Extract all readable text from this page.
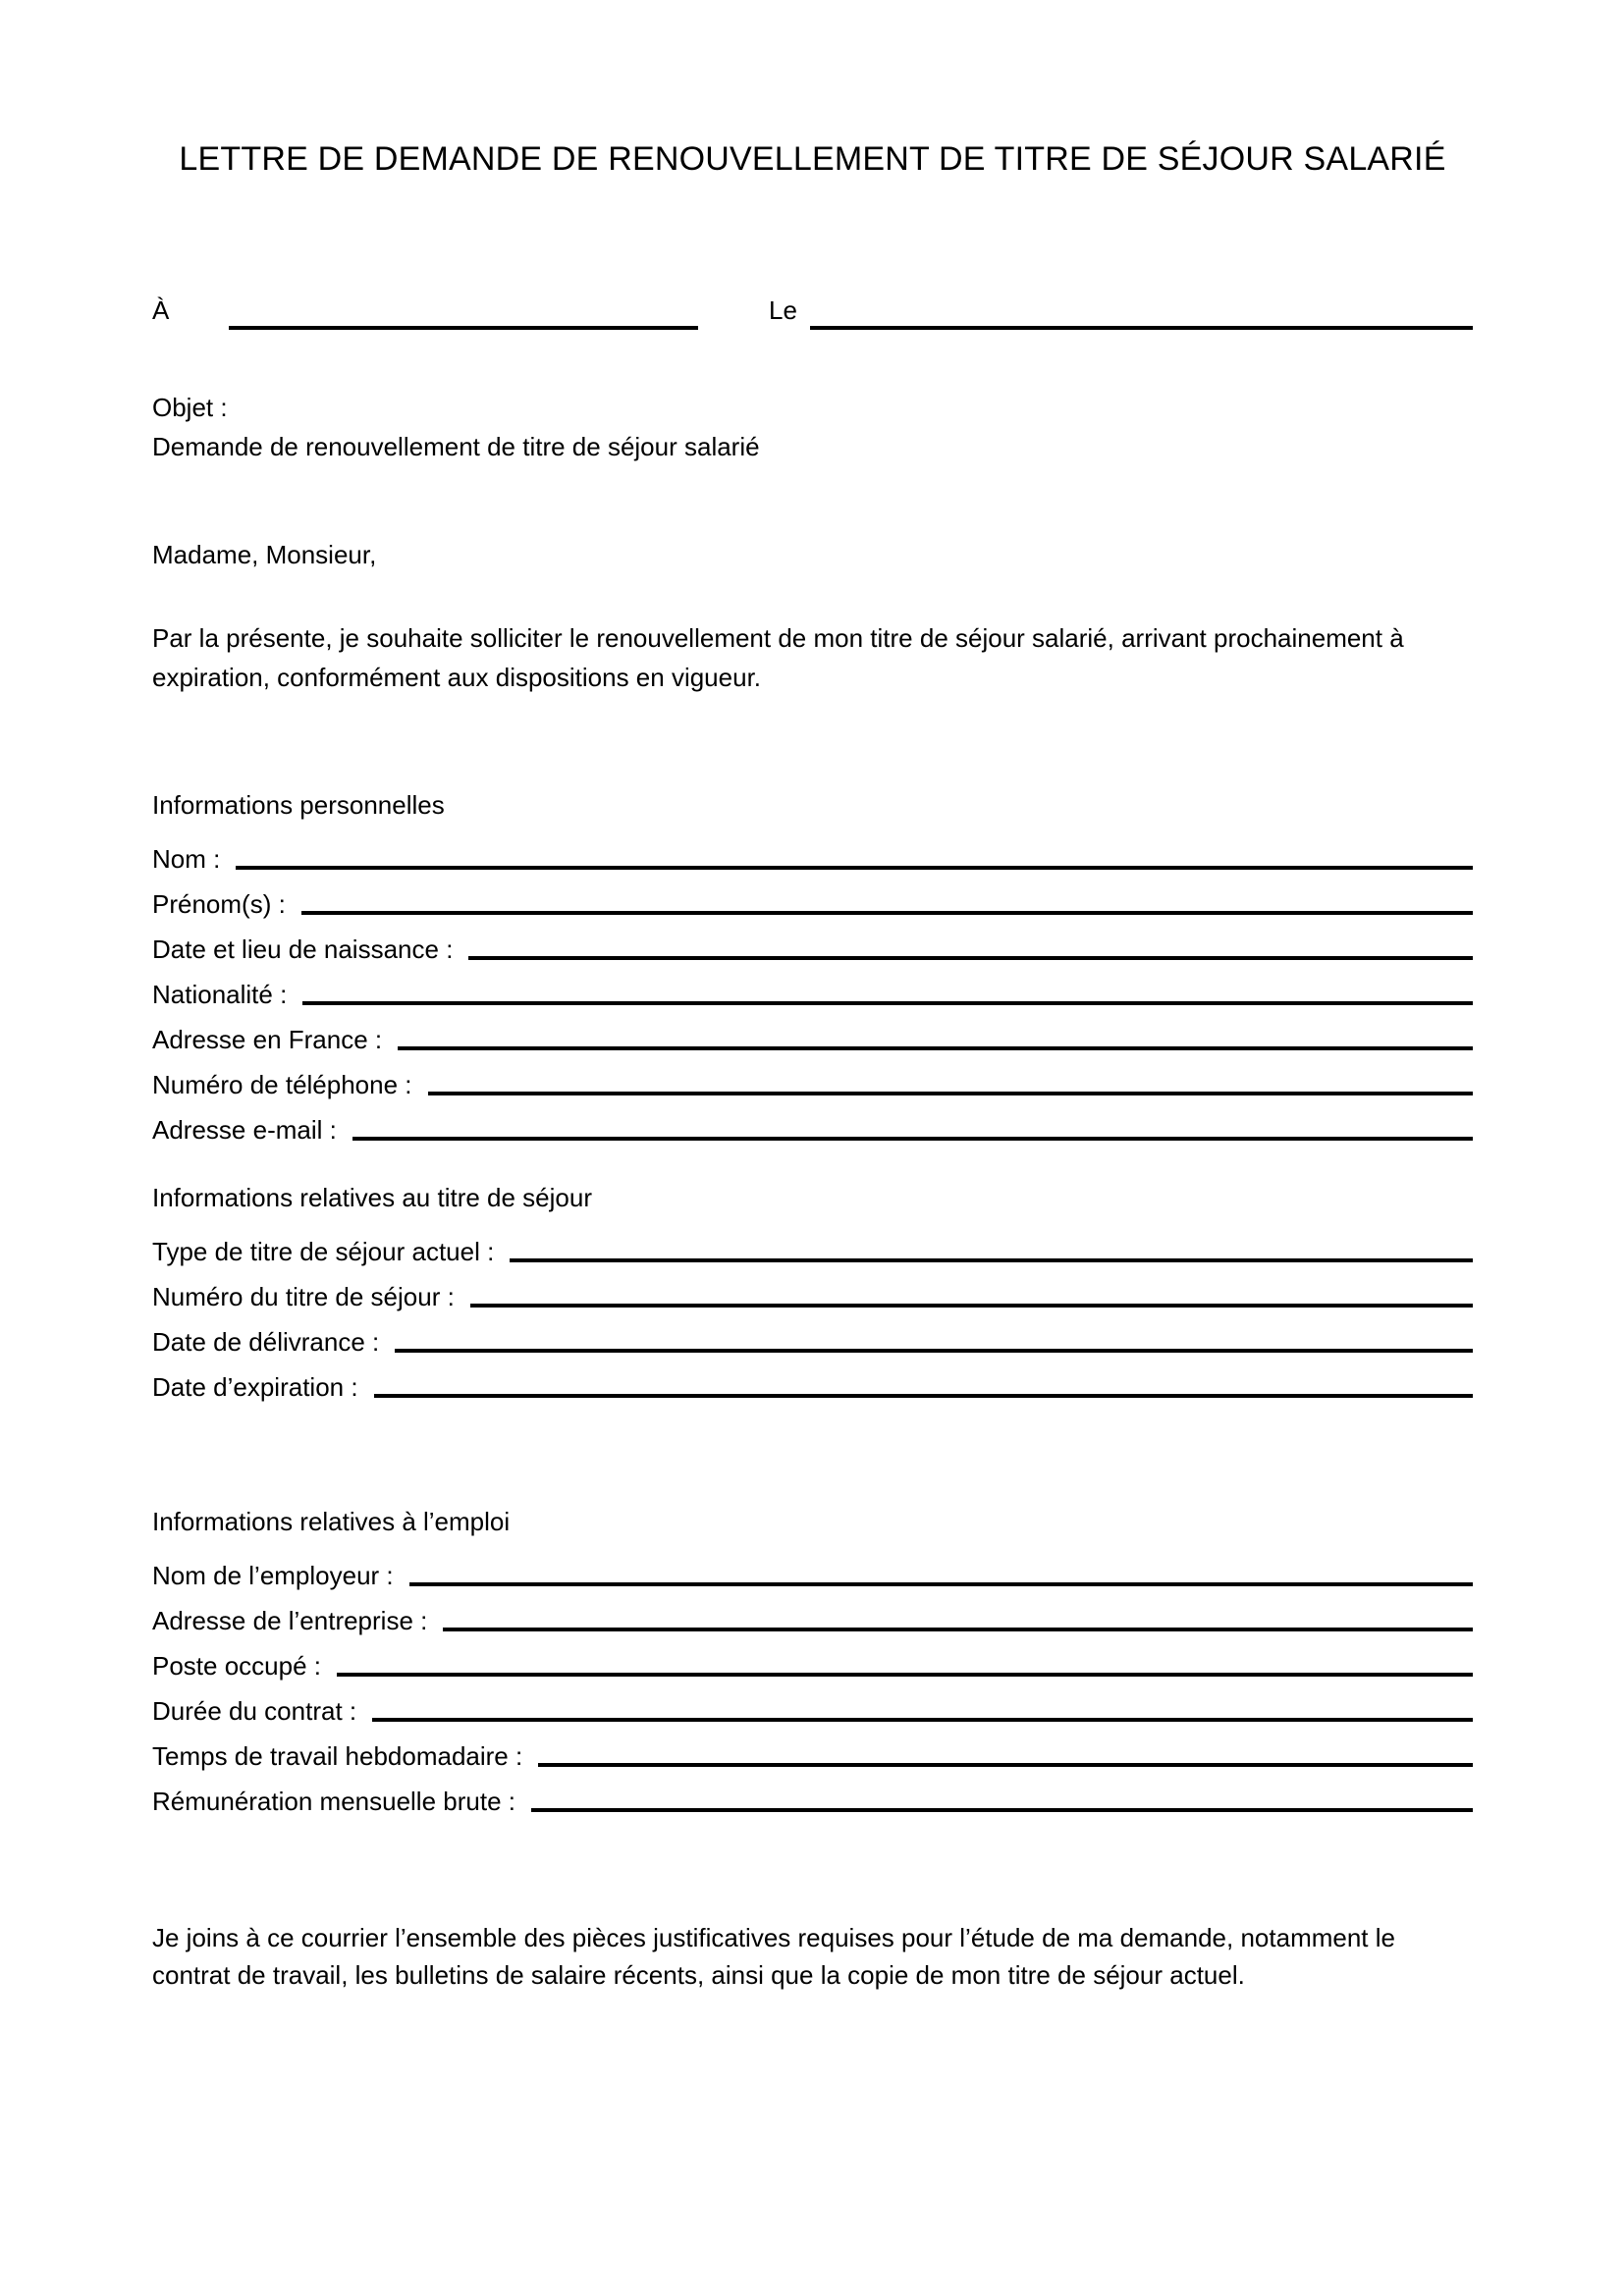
LETTRE DE DEMANDE DE RENOUVELLEMENT DE TITRE DE SÉJOUR SALARIÉ
À	Le
Objet :
Demande de renouvellement de titre de séjour salarié
Madame, Monsieur,
Par la présente, je souhaite solliciter le renouvellement de mon titre de séjour salarié, arrivant prochainement à expiration, conformément aux dispositions en vigueur.
Informations personnelles
Nom :
Prénom(s) :
Date et lieu de naissance :
Nationalité :
Adresse en France :
Numéro de téléphone :
Adresse e-mail :
Informations relatives au titre de séjour
Type de titre de séjour actuel :
Numéro du titre de séjour :
Date de délivrance :
Date d’expiration :
Informations relatives à l’emploi
Nom de l’employeur :
Adresse de l’entreprise :
Poste occupé :
Durée du contrat :
Temps de travail hebdomadaire :
Rémunération mensuelle brute :
Je joins à ce courrier l’ensemble des pièces justificatives requises pour l’étude de ma demande, notamment le contrat de travail, les bulletins de salaire récents, ainsi que la copie de mon titre de séjour actuel.
